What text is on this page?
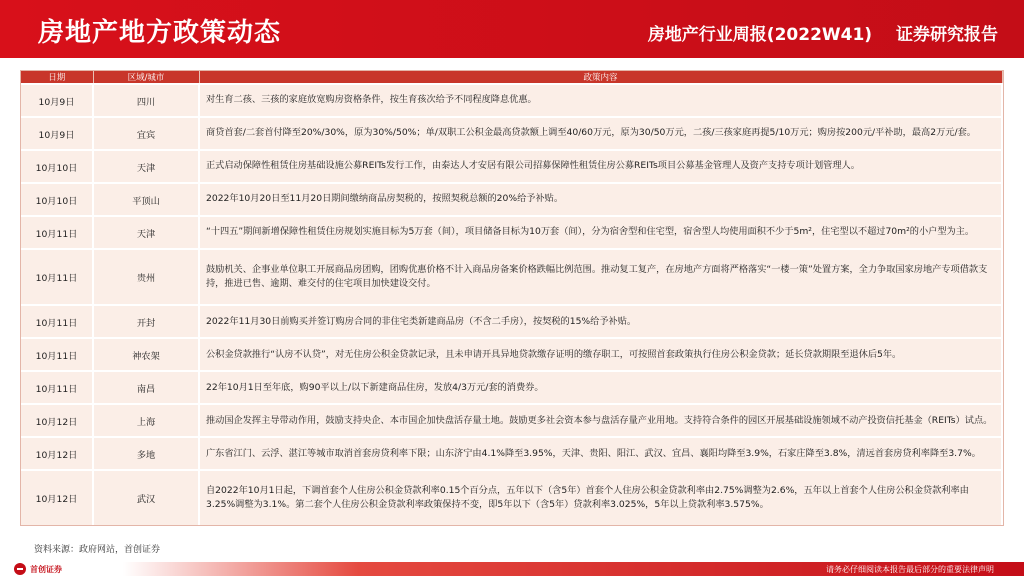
房地产地方政策动态	房地产行业周报(2022W41) 证券研究报告
日期	区域/城市	政策内容
10月9日	四川	对生育二孩、三孩的家庭放宽购房资格条件，按生育孩次给予不同程度降息优惠。
10月9日	宜宾	商贷首套/二套首付降至20%/30%，原为30%/50%；单/双职工公积金最高贷款额上调至40/60万元，原为30/50万元，二孩/三孩家庭再提5/10万元；购房按200元/平补助，最高2万元/套。
10月10日	天津	正式启动保障性租赁住房基础设施公募REITs发行工作，由泰达人才安居有限公司招募保障性租赁住房公募REITs项目公募基金管理人及资产支持专项计划管理人。
10月10日	平顶山	2022年10月20日至11月20日期间缴纳商品房契税的，按照契税总额的20%给予补贴。
10月11日	天津	“十四五”期间新增保障性租赁住房规划实施目标为5万套（间），项目储备目标为10万套（间），分为宿舍型和住宅型，宿舍型人均使用面积不少于5m²，住宅型以不超过70m²的小户型为主。
10月11日	贵州	鼓励机关、企事业单位职工开展商品房团购，团购优惠价格不计入商品房备案价格跌幅比例范围。推动复工复产，在房地产方面将严格落实“一楼一策”处置方案，全力争取国家房地产专项借款支持，推进已售、逾期、难交付的住宅项目加快建设交付。
10月11日	开封	2022年11月30日前购买并签订购房合同的非住宅类新建商品房（不含二手房），按契税的15%给予补贴。
10月11日	神农架	公积金贷款推行“认房不认贷”，对无住房公积金贷款记录，且未申请开具异地贷款缴存证明的缴存职工，可按照首套政策执行住房公积金贷款；延长贷款期限至退休后5年。
10月11日	南昌	22年10月1日至年底，购90平以上/以下新建商品住房，发放4/3万元/套的消费券。
10月12日	上海	推动国企发挥主导带动作用，鼓励支持央企、本市国企加快盘活存量土地。鼓励更多社会资本参与盘活存量产业用地。支持符合条件的园区开展基础设施领域不动产投资信托基金（REITs）试点。
10月12日	多地	广东省江门、云浮、湛江等城市取消首套房贷利率下限；山东济宁由4.1%降至3.95%，天津、贵阳、阳江、武汉、宜昌、襄阳均降至3.9%，石家庄降至3.8%，清远首套房贷利率降至3.7%。
10月12日	武汉	自2022年10月1日起，下调首套个人住房公积金贷款利率0.15个百分点，五年以下（含5年）首套个人住房公积金贷款利率由2.75%调整为2.6%，五年以上首套个人住房公积金贷款利率由3.25%调整为3.1%。第二套个人住房公积金贷款利率政策保持不变，即5年以下（含5年）贷款利率3.025%，5年以上贷款利率3.575%。
资料来源：政府网站，首创证券
首创证券	请务必仔细阅读本报告最后部分的重要法律声明
